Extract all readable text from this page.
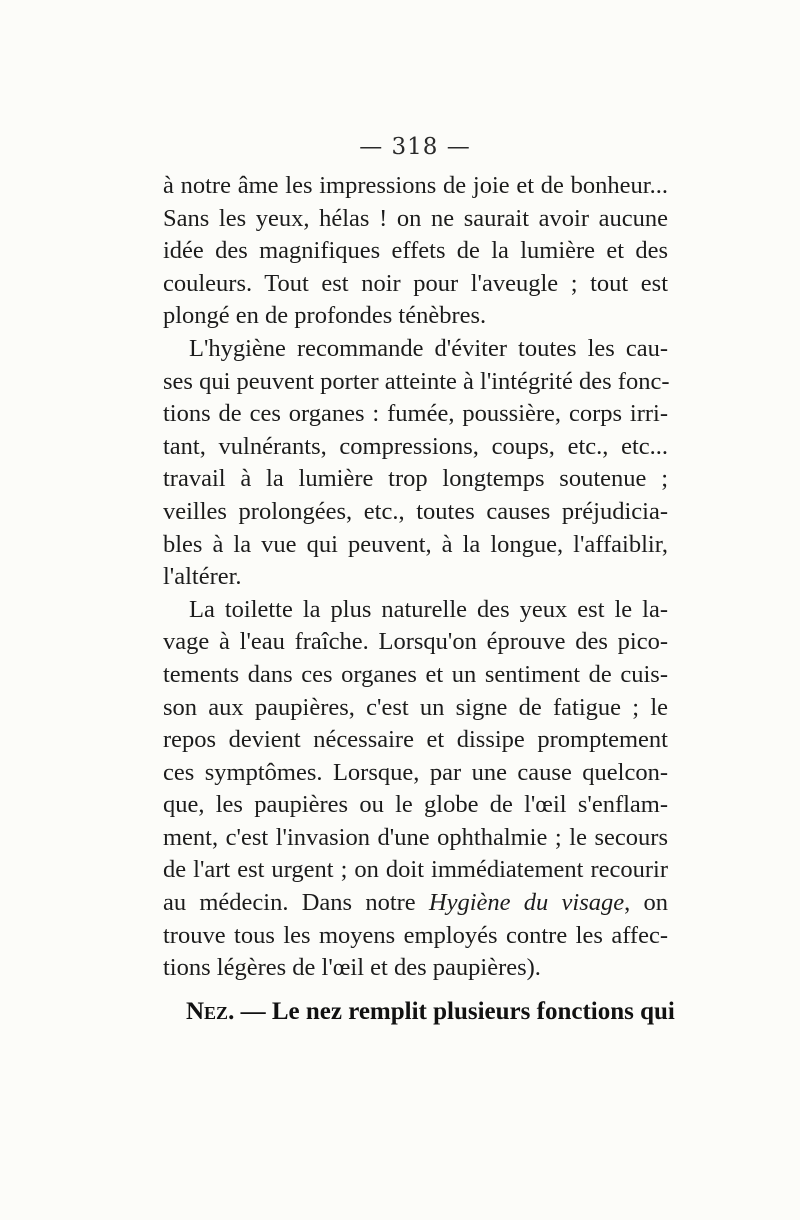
— 318 —
à notre âme les impressions de joie et de bonheur...
Sans les yeux, hélas ! on ne saurait avoir aucune
idée des magnifiques effets de la lumière et des
couleurs. Tout est noir pour l'aveugle ; tout est
plongé en de profondes ténèbres.
L'hygiène recommande d'éviter toutes les cau-
ses qui peuvent porter atteinte à l'intégrité des fonc-
tions de ces organes : fumée, poussière, corps irri-
tant, vulnérants, compressions, coups, etc., etc...
travail à la lumière trop longtemps soutenue ;
veilles prolongées, etc., toutes causes préjudicia-
bles à la vue qui peuvent, à la longue, l'affaiblir,
l'altérer.
La toilette la plus naturelle des yeux est le la-
vage à l'eau fraîche. Lorsqu'on éprouve des pico-
tements dans ces organes et un sentiment de cuis-
son aux paupières, c'est un signe de fatigue ; le
repos devient nécessaire et dissipe promptement
ces symptômes. Lorsque, par une cause quelcon-
que, les paupières ou le globe de l'œil s'enflam-
ment, c'est l'invasion d'une ophthalmie ; le secours
de l'art est urgent ; on doit immédiatement recourir
au médecin. Dans notre Hygiène du visage, on
trouve tous les moyens employés contre les affec-
tions légères de l'œil et des paupières).
Nez. — Le nez remplit plusieurs fonctions qui
